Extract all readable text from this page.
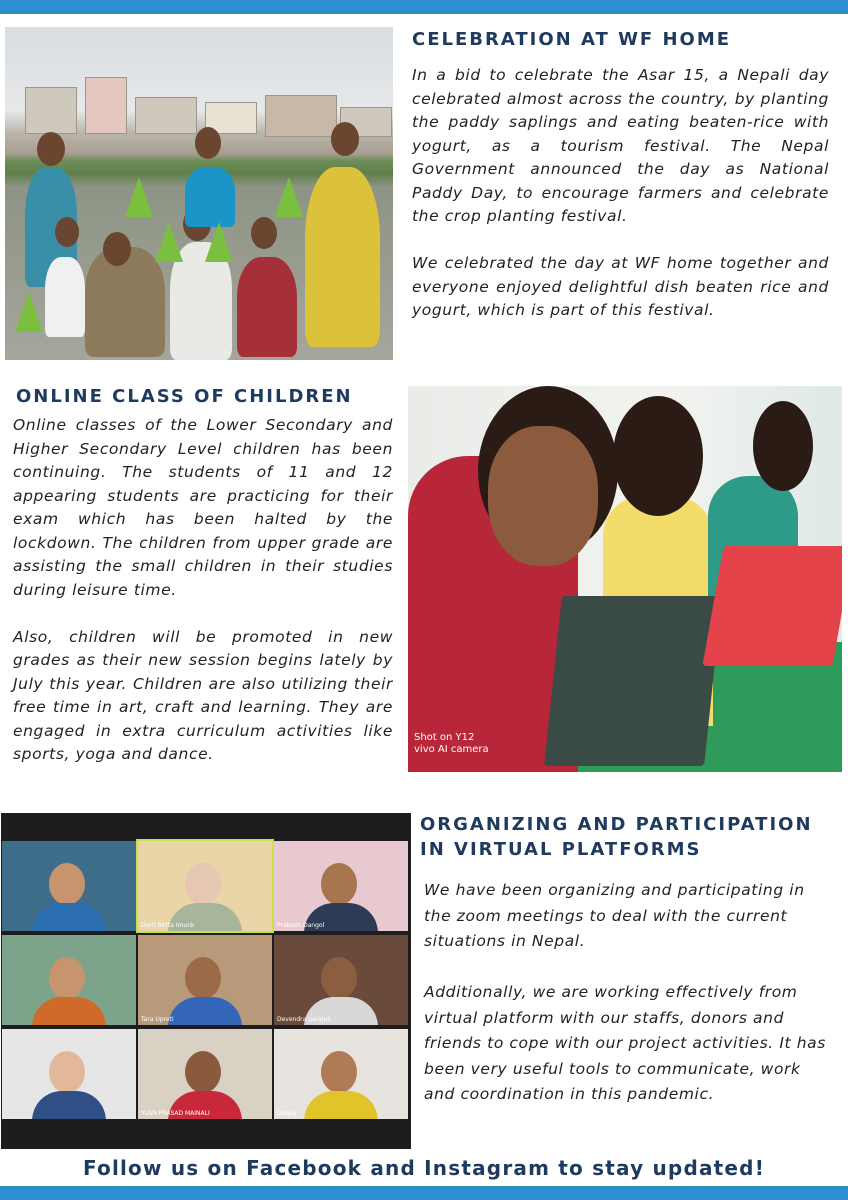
CELEBRATION AT WF HOME

In a bid to celebrate the Asar 15, a Nepali day celebrated almost across the country, by planting the paddy saplings and eating beaten-rice with yogurt, as a tourism festival. The Nepal Government announced the day as National Paddy Day, to encourage farmers and celebrate the crop planting festival.

We celebrated the day at WF home together and everyone enjoyed delightful dish beaten rice and yogurt, which is part of this festival.

ONLINE CLASS OF CHILDREN

Online classes of the Lower Secondary and Higher Secondary Level children has been continuing. The students of 11 and 12 appearing students are practicing for their exam which has been halted by the lockdown. The children from upper grade are assisting the small children in their studies during leisure time.

Also, children will be promoted in new grades as their new session begins lately by July this year. Children are also utilizing their free time in art, craft and learning. They are engaged in extra curriculum activities like sports, yoga and dance.

Shot on Y12
vivo AI camera
Dorit Betta Imunk	Prabesh Dangol
Tara Upreti	Devendra parajuli
YUVA PRASAD MAINALI	Deepa
ORGANIZING AND PARTICIPATION
IN VIRTUAL PLATFORMS

We have been organizing and participating in the zoom meetings to deal with the current situations in Nepal.

Additionally, we are working effectively from virtual platform with our staffs, donors and friends to cope with our project activities. It has been very useful tools to communicate, work and coordination in this pandemic.

Follow us on Facebook and Instagram to stay updated!
